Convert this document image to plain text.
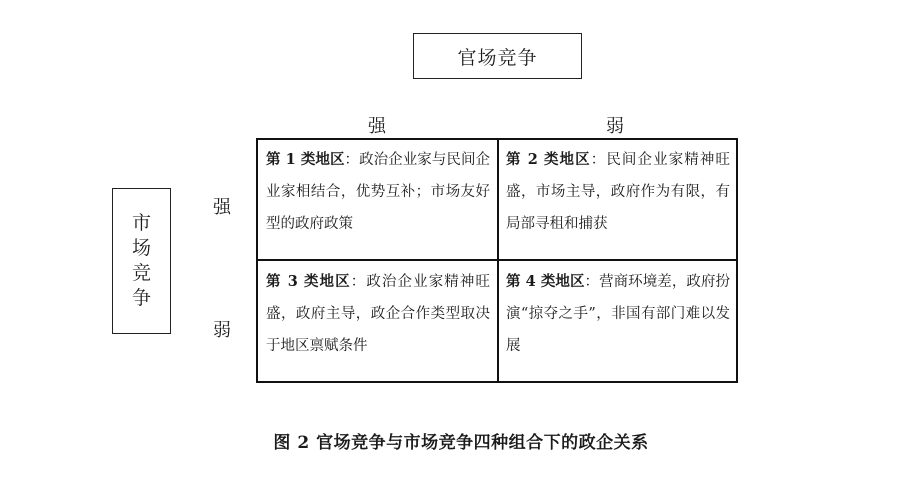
官场竞争
市场竞争
强	弱
强
弱
第 1 类地区：政治企业家与民间企业家相结合，优势互补；市场友好型的政府政策
第 2 类地区：民间企业家精神旺盛，市场主导，政府作为有限，有局部寻租和捕获
第 3 类地区：政治企业家精神旺盛，政府主导，政企合作类型取决于地区禀赋条件
第 4 类地区：营商环境差，政府扮演“掠夺之手”，非国有部门难以发展
图 2 官场竞争与市场竞争四种组合下的政企关系
